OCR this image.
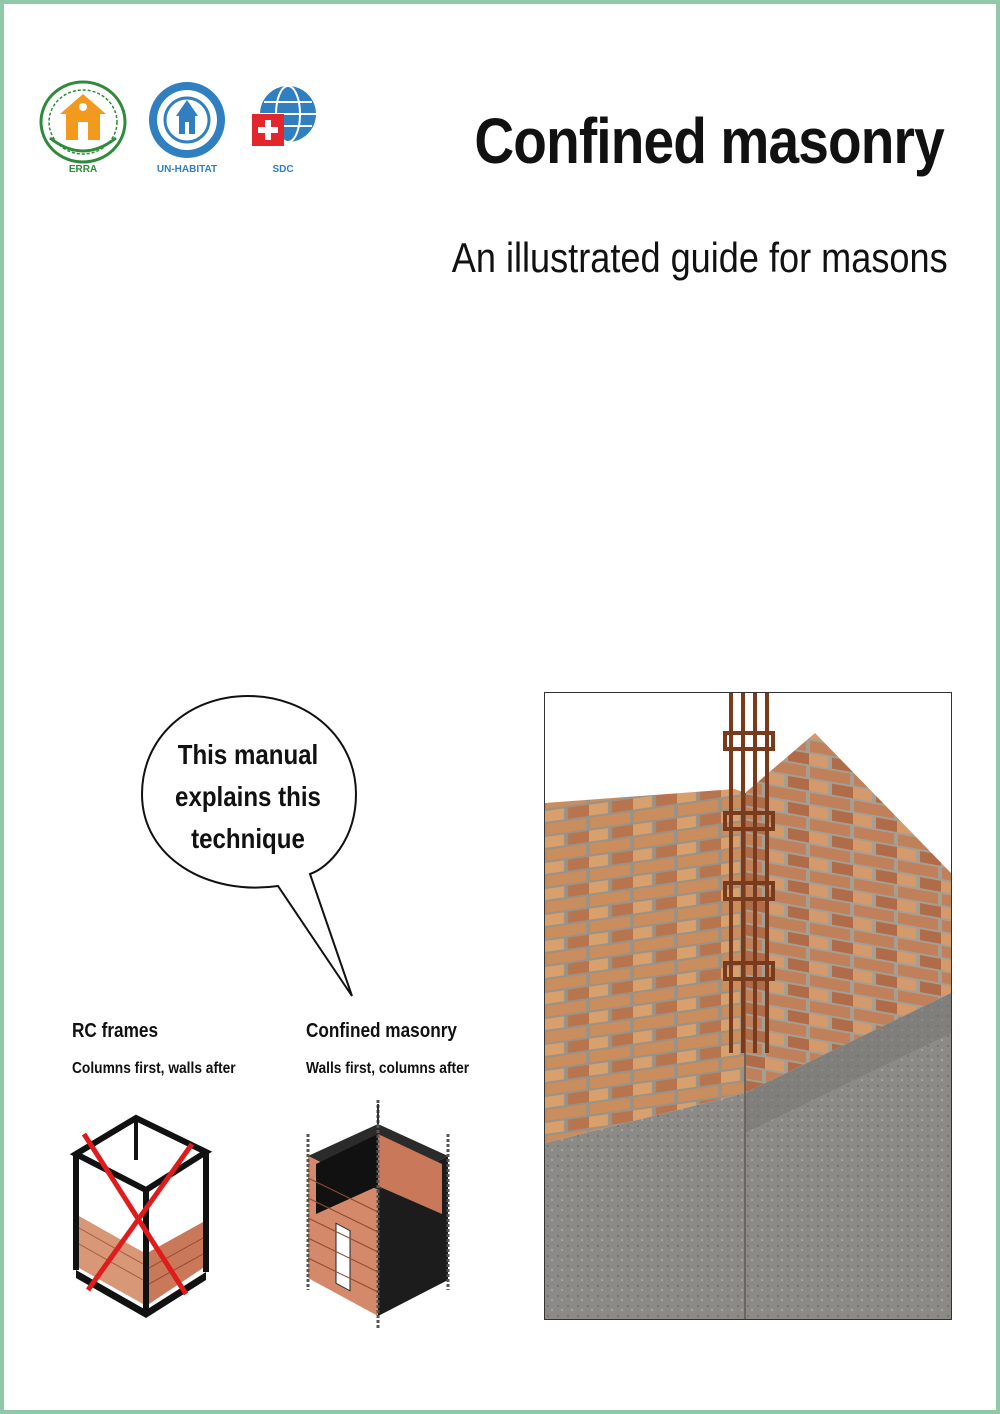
ERRA	UN-HABITAT	SDC	Confined masonry
An illustrated guide for masons
This manual
explains this
technique
RC frames
Columns first, walls after
Confined masonry
Walls first, columns after
